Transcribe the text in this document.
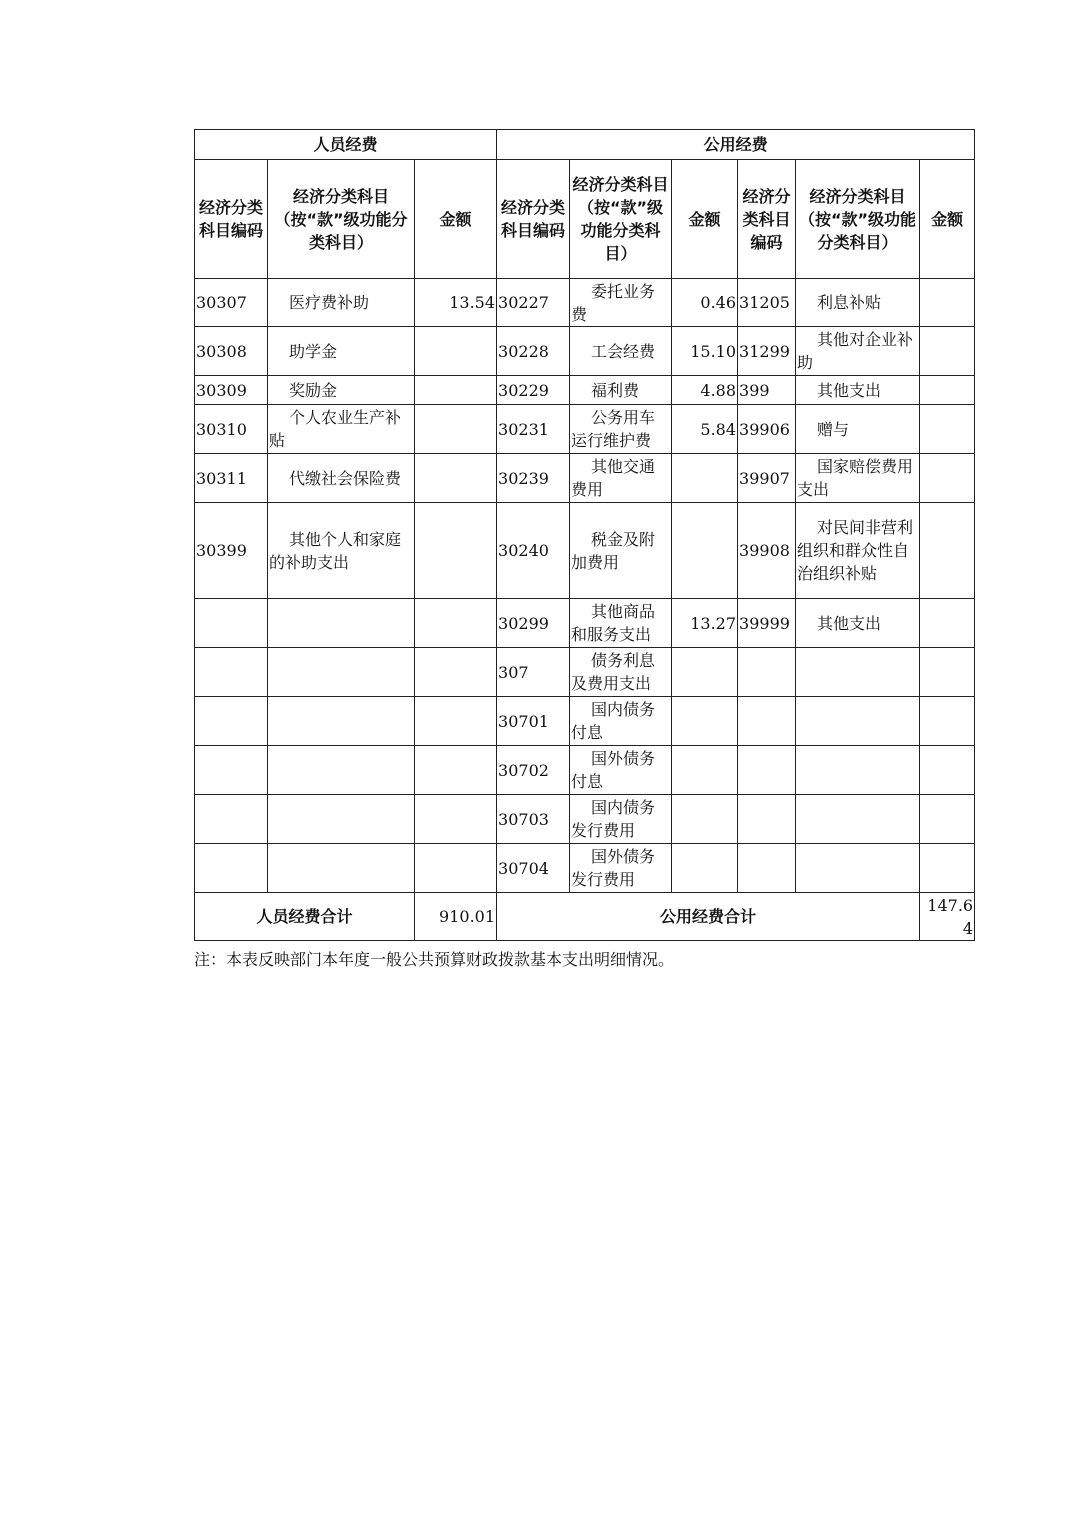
人员经费			公用经费					
经济分类科目编码	经济分类科目（按“款”级功能分类科目）	金额	经济分类科目编码	经济分类科目（按“款”级功能分类科目）	金额	经济分类科目编码	经济分类科目（按“款”级功能分类科目）	金额
30307	医疗费补助	13.54	30227	委托业务费	0.46	31205	利息补贴	
30308	助学金		30228	工会经费	15.10	31299	其他对企业补助	
30309	奖励金		30229	福利费	4.88	399	其他支出	
30310	个人农业生产补贴		30231	公务用车运行维护费	5.84	39906	赠与	
30311	代缴社会保险费		30239	其他交通费用		39907	国家赔偿费用支出	
30399	其他个人和家庭的补助支出		30240	税金及附加费用		39908	对民间非营利组织和群众性自治组织补贴	
			30299	其他商品和服务支出	13.27	39999	其他支出	
			307	债务利息及费用支出				
			30701	国内债务付息				
			30702	国外债务付息				
			30703	国内债务发行费用				
			30704	国外债务发行费用				
人员经费合计		910.01	公用经费合计					147.64
注：本表反映部门本年度一般公共预算财政拨款基本支出明细情况。
